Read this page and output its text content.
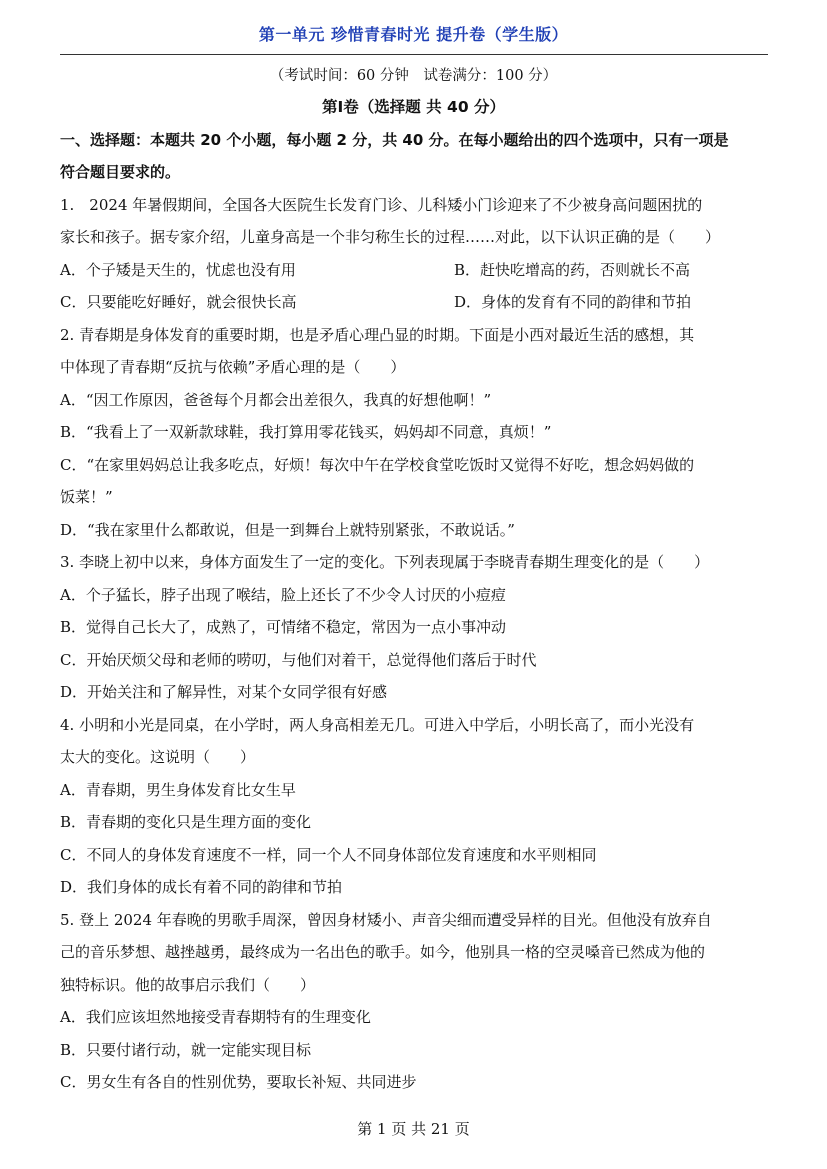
第一单元 珍惜青春时光 提升卷（学生版）
（考试时间：60 分钟　试卷满分：100 分）
第Ⅰ卷（选择题 共 40 分）
一、选择题：本题共 20 个小题，每小题 2 分，共 40 分。在每小题给出的四个选项中，只有一项是
符合题目要求的。
1.　2024 年暑假期间，全国各大医院生长发育门诊、儿科矮小门诊迎来了不少被身高问题困扰的
家长和孩子。据专家介绍，儿童身高是一个非匀称生长的过程……对此，以下认识正确的是（　　）
A．个子矮是天生的，忧虑也没有用	B．赶快吃增高的药，否则就长不高
C．只要能吃好睡好，就会很快长高	D．身体的发育有不同的韵律和节拍
2. 青春期是身体发育的重要时期，也是矛盾心理凸显的时期。下面是小西对最近生活的感想，其
中体现了青春期“反抗与依赖”矛盾心理的是（　　）
A．“因工作原因，爸爸每个月都会出差很久，我真的好想他啊！”
B．“我看上了一双新款球鞋，我打算用零花钱买，妈妈却不同意，真烦！”
C．“在家里妈妈总让我多吃点，好烦！每次中午在学校食堂吃饭时又觉得不好吃，想念妈妈做的
饭菜！”
D．“我在家里什么都敢说，但是一到舞台上就特别紧张，不敢说话。”
3. 李晓上初中以来，身体方面发生了一定的变化。下列表现属于李晓青春期生理变化的是（　　）
A．个子猛长，脖子出现了喉结，脸上还长了不少令人讨厌的小痘痘
B．觉得自己长大了，成熟了，可情绪不稳定，常因为一点小事冲动
C．开始厌烦父母和老师的唠叨，与他们对着干，总觉得他们落后于时代
D．开始关注和了解异性，对某个女同学很有好感
4. 小明和小光是同桌，在小学时，两人身高相差无几。可进入中学后，小明长高了，而小光没有
太大的变化。这说明（　　）
A．青春期，男生身体发育比女生早
B．青春期的变化只是生理方面的变化
C．不同人的身体发育速度不一样，同一个人不同身体部位发育速度和水平则相同
D．我们身体的成长有着不同的韵律和节拍
5. 登上 2024 年春晚的男歌手周深，曾因身材矮小、声音尖细而遭受异样的目光。但他没有放弃自
己的音乐梦想、越挫越勇，最终成为一名出色的歌手。如今，他别具一格的空灵嗓音已然成为他的
独特标识。他的故事启示我们（　　）
A．我们应该坦然地接受青春期特有的生理变化
B．只要付诸行动，就一定能实现目标
C．男女生有各自的性别优势，要取长补短、共同进步
第 1 页 共 21 页
